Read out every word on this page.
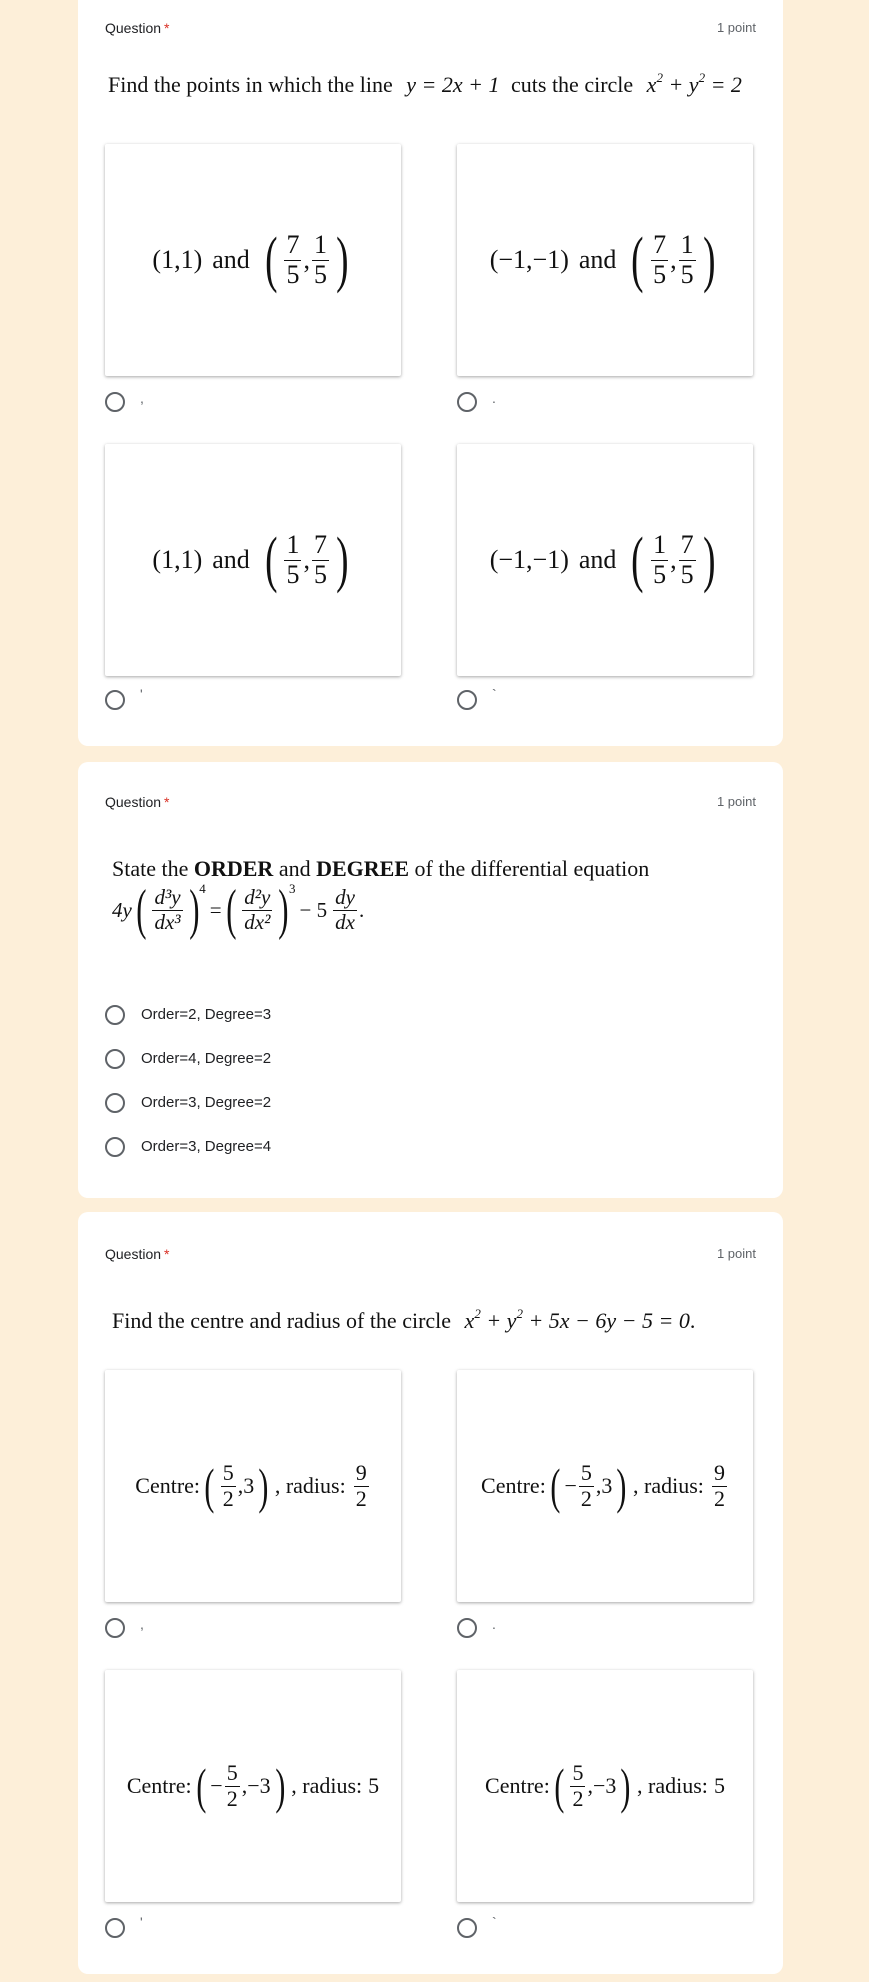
Question *	1 point
Find the points in which the line y = 2x + 1 cuts the circle $x^2 + y^2 = 2$
(1,1) and ( $\frac{7}{5}$ , $\frac{1}{5}$ )	(−1,−1) and ( $\frac{7}{5}$ , $\frac{1}{5}$ )
,	.
(1,1) and ( $\frac{1}{5}$ , $\frac{7}{5}$ )	(−1,−1) and ( $\frac{1}{5}$ , $\frac{7}{5}$ )
'	`
Question *	1 point
State the ORDER and DEGREE of the differential equation
4y ( $\frac{\text{d³y}}{\text{dx³}}$ ) 4
= ( $\frac{\text{d²y}}{\text{dx²}}$ ) 3
− $5 \frac{dy}{dx}$ .
Order=2, Degree=3
Order=4, Degree=2
Order=3, Degree=2
Order=3, Degree=4
Question *	1 point
Find the centre and radius of the circle $x^2 + y^2 + 5x - 6y - 5 = 0$.
Centre: ( $\frac{5}{2} ,3$ ) , radius: $\frac{9}{2}$	Centre: ( − $\frac{5}{2} ,3$ ) , radius: $\frac{9}{2}$
,	.
Centre: ( − $\frac{5}{2} ,-3$ ) , radius: 5	Centre: ( $\frac{5}{2} ,-3$ ) , radius: 5
'	`
